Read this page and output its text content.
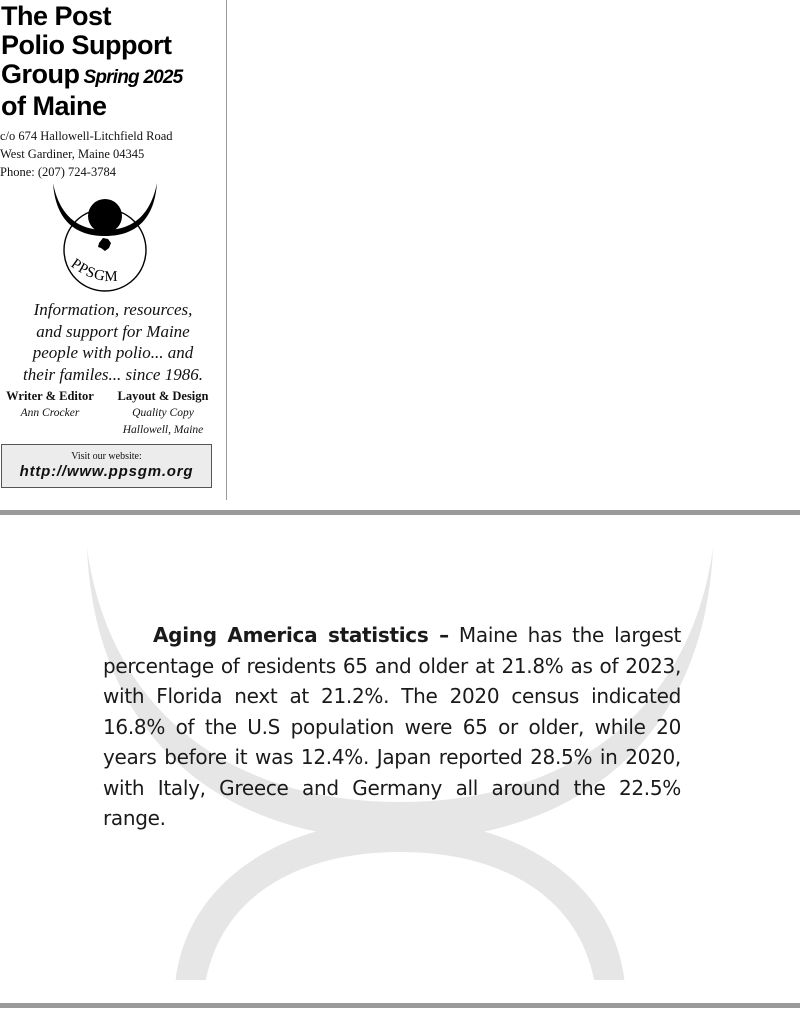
The Post
Polio Support
Group Spring 2025
of Maine
c/o 674 Hallowell-Litchfield Road
West Gardiner, Maine 04345
Phone: (207) 724-3784
PPSGM
Information, resources,
and support for Maine
people with polio... and
their familes... since 1986.
Writer & Editor
Ann Crocker
Layout & Design
Quality Copy
Hallowell, Maine
Visit our website:
http://www.ppsgm.org
Aging America statistics – Maine has the largest percentage of residents 65 and older at 21.8% as of 2023, with Florida next at 21.2%. The 2020 census indicated 16.8% of the U.S population were 65 or older, while 20 years before it was 12.4%. Japan reported 28.5% in 2020, with Italy, Greece and Germany all around the 22.5% range.
